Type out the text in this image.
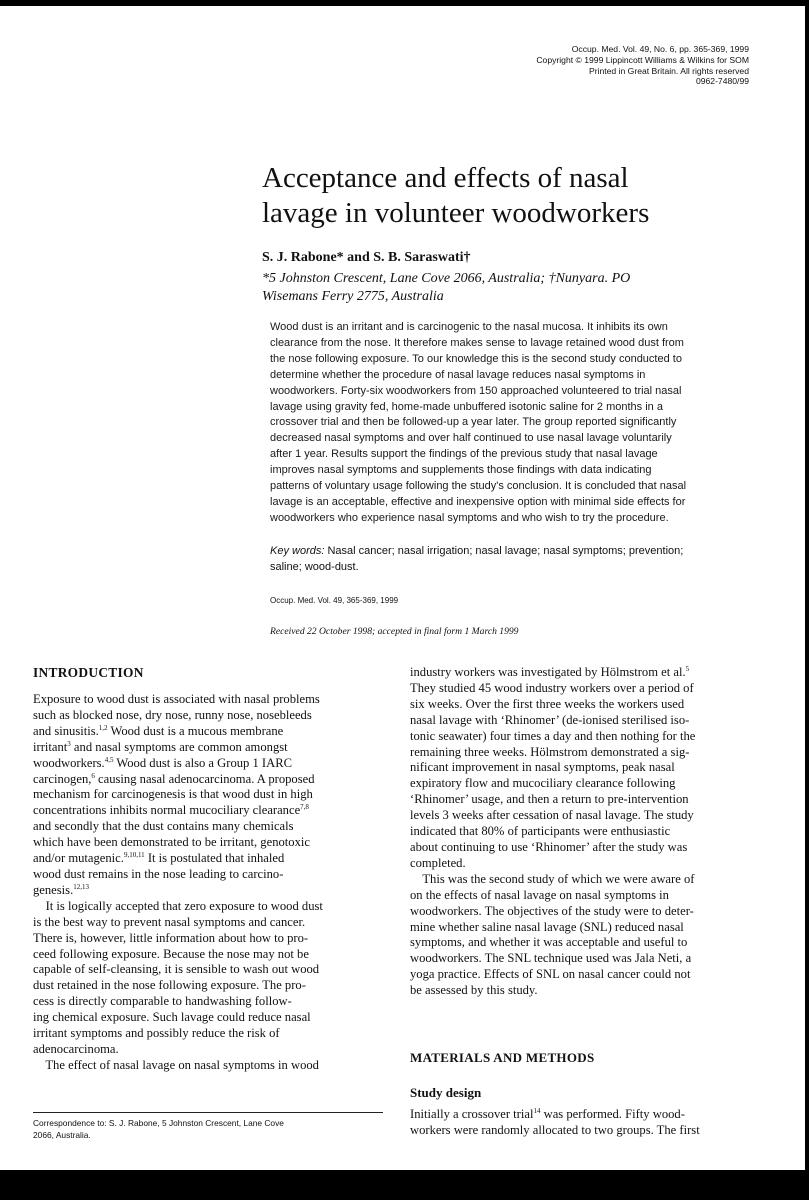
Occup. Med. Vol. 49, No. 6, pp. 365-369, 1999
Copyright © 1999 Lippincott Williams & Wilkins for SOM
Printed in Great Britain. All rights reserved
0962-7480/99
Acceptance and effects of nasal
lavage in volunteer woodworkers
S. J. Rabone* and S. B. Saraswati†
*5 Johnston Crescent, Lane Cove 2066, Australia; †Nunyara. PO
Wisemans Ferry 2775, Australia
Wood dust is an irritant and is carcinogenic to the nasal mucosa. It inhibits its own
clearance from the nose. It therefore makes sense to lavage retained wood dust from
the nose following exposure. To our knowledge this is the second study conducted to
determine whether the procedure of nasal lavage reduces nasal symptoms in
woodworkers. Forty-six woodworkers from 150 approached volunteered to trial nasal
lavage using gravity fed, home-made unbuffered isotonic saline for 2 months in a
crossover trial and then be followed-up a year later. The group reported significantly
decreased nasal symptoms and over half continued to use nasal lavage voluntarily
after 1 year. Results support the findings of the previous study that nasal lavage
improves nasal symptoms and supplements those findings with data indicating
patterns of voluntary usage following the study's conclusion. It is concluded that nasal
lavage is an acceptable, effective and inexpensive option with minimal side effects for
woodworkers who experience nasal symptoms and who wish to try the procedure.
Key words: Nasal cancer; nasal irrigation; nasal lavage; nasal symptoms; prevention;
saline; wood-dust.
Occup. Med. Vol. 49, 365-369, 1999
Received 22 October 1998; accepted in final form 1 March 1999
INTRODUCTION
Exposure to wood dust is associated with nasal problems
such as blocked nose, dry nose, runny nose, nosebleeds
and sinusitis.$^{1,2}$ Wood dust is a mucous membrane
irritant$^3$ and nasal symptoms are common amongst
woodworkers.$^{4,5}$ Wood dust is also a Group 1 IARC
carcinogen,$^6$ causing nasal adenocarcinoma. A proposed
mechanism for carcinogenesis is that wood dust in high
concentrations inhibits normal mucociliary clearance$^{7,8}$
and secondly that the dust contains many chemicals
which have been demonstrated to be irritant, genotoxic
and/or mutagenic.$^{9,10,11}$ It is postulated that inhaled
wood dust remains in the nose leading to carcino-
genesis.$^{12,13}$
It is logically accepted that zero exposure to wood dust
is the best way to prevent nasal symptoms and cancer.
There is, however, little information about how to pro-
ceed following exposure. Because the nose may not be
capable of self-cleansing, it is sensible to wash out wood
dust retained in the nose following exposure. The pro-
cess is directly comparable to handwashing follow-
ing chemical exposure. Such lavage could reduce nasal
irritant symptoms and possibly reduce the risk of
adenocarcinoma.
The effect of nasal lavage on nasal symptoms in wood
industry workers was investigated by Hölmstrom et al.$^5$
They studied 45 wood industry workers over a period of
six weeks. Over the first three weeks the workers used
nasal lavage with ‘Rhinomer’ (de-ionised sterilised iso-
tonic seawater) four times a day and then nothing for the
remaining three weeks. Hölmstrom demonstrated a sig-
nificant improvement in nasal symptoms, peak nasal
expiratory flow and mucociliary clearance following
‘Rhinomer’ usage, and then a return to pre-intervention
levels 3 weeks after cessation of nasal lavage. The study
indicated that 80% of participants were enthusiastic
about continuing to use ‘Rhinomer’ after the study was
completed.
This was the second study of which we were aware of
on the effects of nasal lavage on nasal symptoms in
woodworkers. The objectives of the study were to deter-
mine whether saline nasal lavage (SNL) reduced nasal
symptoms, and whether it was acceptable and useful to
woodworkers. The SNL technique used was Jala Neti, a
yoga practice. Effects of SNL on nasal cancer could not
be assessed by this study.
MATERIALS AND METHODS
Study design
Initially a crossover trial$^{14}$ was performed. Fifty wood-
workers were randomly allocated to two groups. The first
Correspondence to: S. J. Rabone, 5 Johnston Crescent, Lane Cove
2066, Australia.
